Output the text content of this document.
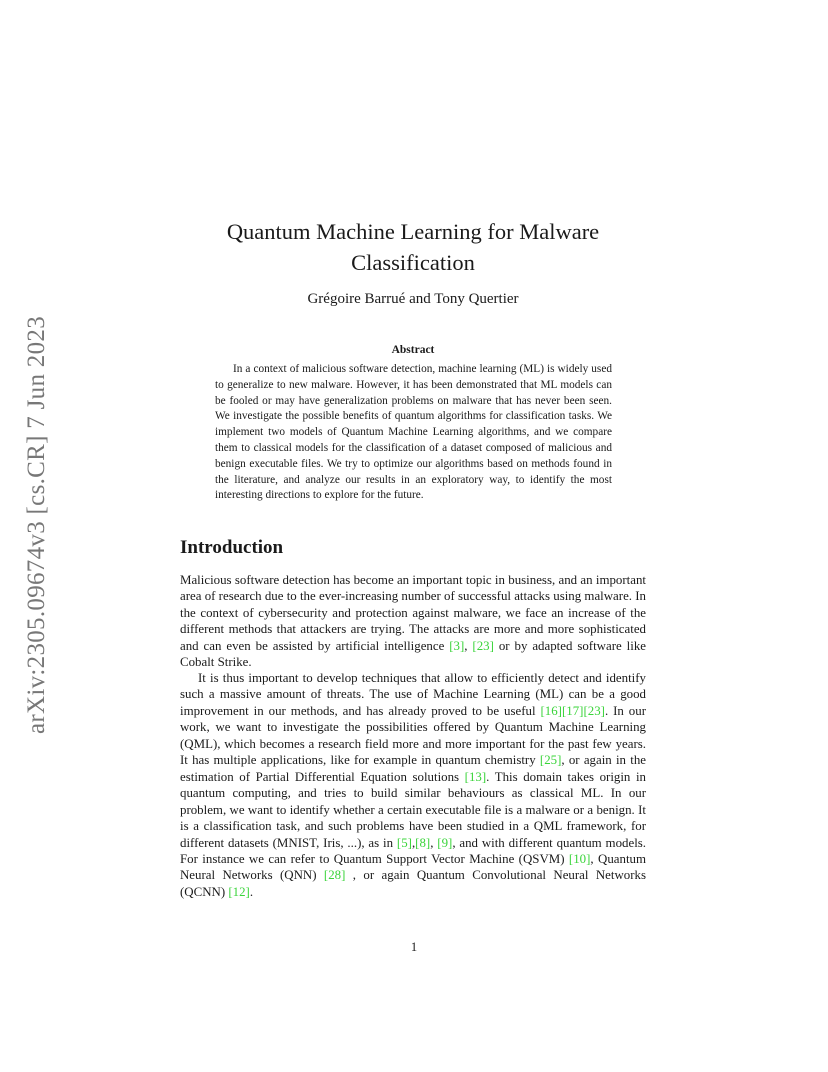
arXiv:2305.09674v3 [cs.CR] 7 Jun 2023
Quantum Machine Learning for Malware
Classification
Grégoire Barrué and Tony Quertier
Abstract

In a context of malicious software detection, machine learning (ML) is widely used to generalize to new malware. However, it has been demonstrated that ML models can be fooled or may have generalization problems on malware that has never been seen. We investigate the possible benefits of quantum algorithms for classification tasks. We implement two models of Quantum Machine Learning algorithms, and we compare them to classical models for the classification of a dataset composed of malicious and benign executable files. We try to optimize our algorithms based on methods found in the literature, and analyze our results in an exploratory way, to identify the most interesting directions to explore for the future.

Introduction

Malicious software detection has become an important topic in business, and an important area of research due to the ever-increasing number of successful attacks using malware. In the context of cybersecurity and protection against malware, we face an increase of the different methods that attackers are trying. The attacks are more and more sophisticated and can even be assisted by artificial intelligence [3], [23] or by adapted software like Cobalt Strike.

It is thus important to develop techniques that allow to efficiently detect and identify such a massive amount of threats. The use of Machine Learning (ML) can be a good improvement in our methods, and has already proved to be useful [16][17][23]. In our work, we want to investigate the possibilities offered by Quantum Machine Learning (QML), which becomes a research field more and more important for the past few years. It has multiple applications, like for example in quantum chemistry [25], or again in the estimation of Partial Differential Equation solutions [13]. This domain takes origin in quantum computing, and tries to build similar behaviours as classical ML. In our problem, we want to identify whether a certain executable file is a malware or a benign. It is a classification task, and such problems have been studied in a QML framework, for different datasets (MNIST, Iris, ...), as in [5],[8], [9], and with different quantum models. For instance we can refer to Quantum Support Vector Machine (QSVM) [10], Quantum Neural Networks (QNN) [28] , or again Quantum Convolutional Neural Networks (QCNN) [12].

1
